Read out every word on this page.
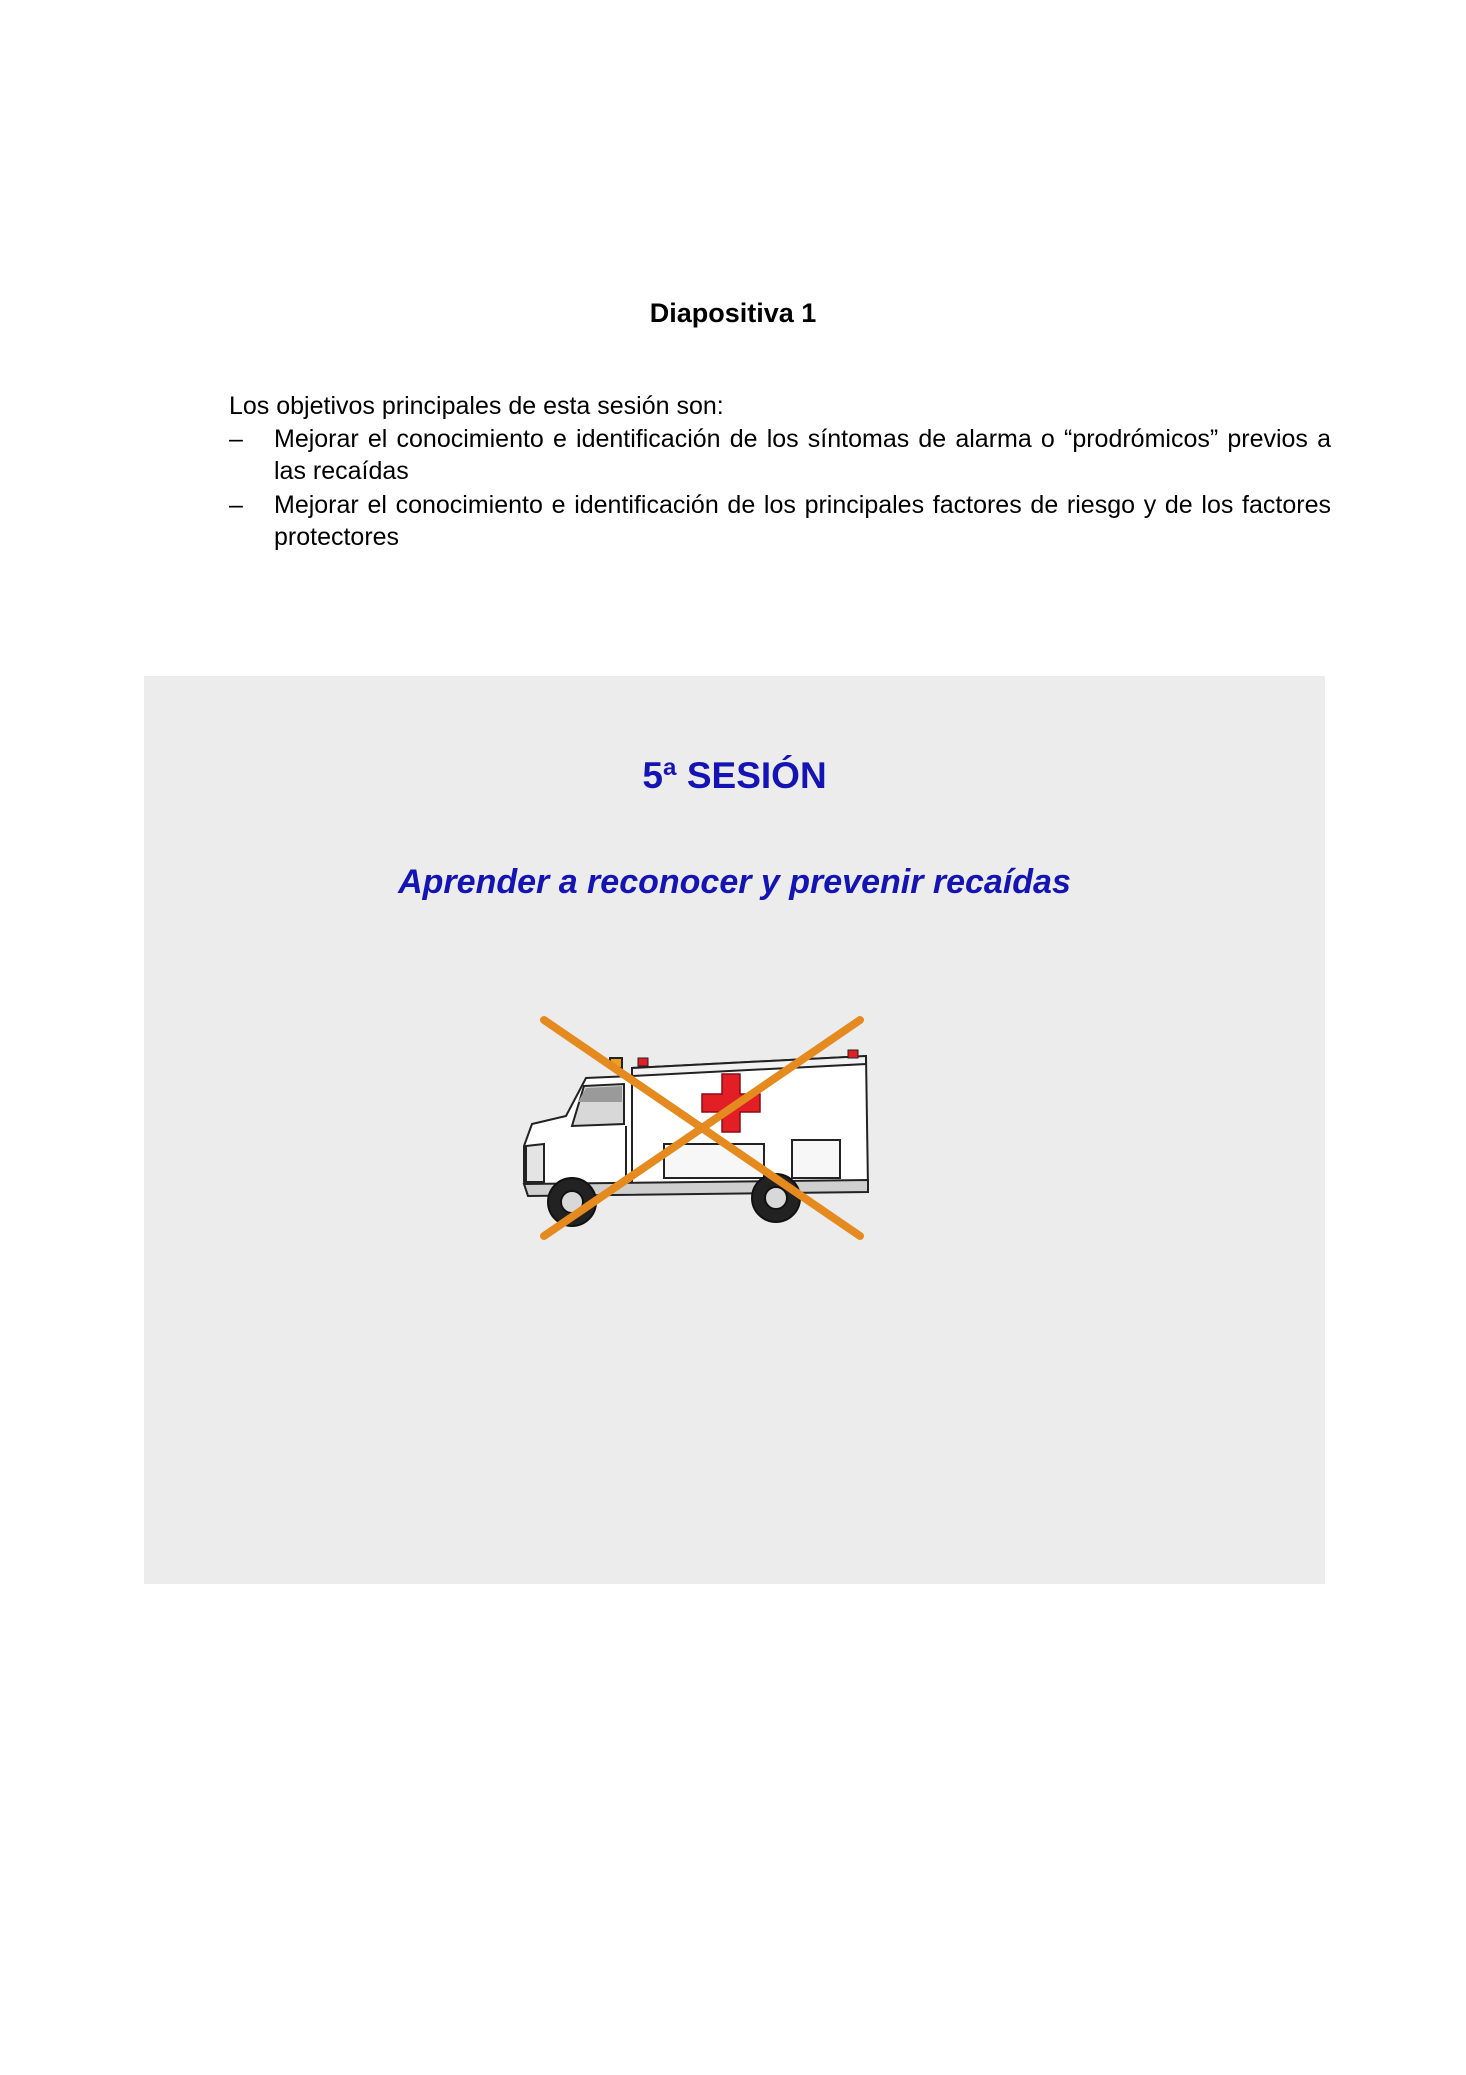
Diapositiva 1
Los objetivos principales de esta sesión son:
–	Mejorar el conocimiento e identificación de los síntomas de alarma o “prodrómicos” previos a las recaídas
–	Mejorar el conocimiento e identificación de los principales factores de riesgo y de los factores protectores
5ª SESIÓN
Aprender a reconocer y prevenir recaídas
